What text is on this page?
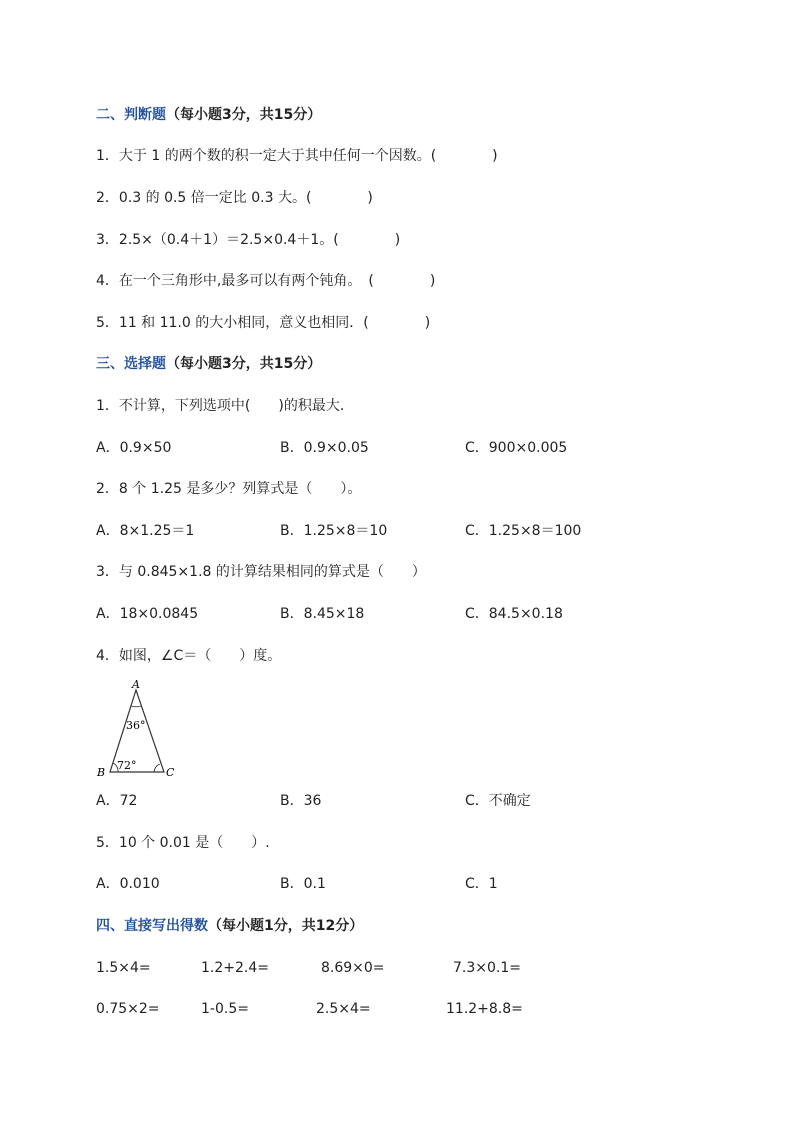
二、判断题（每小题3分，共15分）
1．大于 1 的两个数的积一定大于其中任何一个因数。(　　　　)
2．0.3 的 0.5 倍一定比 0.3 大。(　　　　)
3．2.5×（0.4＋1）＝2.5×0.4＋1。(　　　　)
4．在一个三角形中,最多可以有两个钝角。　(　　　　)
5．11 和 11.0 的大小相同，意义也相同．(　　　　)
三、选择题（每小题3分，共15分）
1．不计算，下列选项中(　　)的积最大．
A．0.9×50	B．0.9×0.05	C．900×0.005
2．8 个 1.25 是多少？列算式是（　　）。
A．8×1.25＝1	B．1.25×8＝10	C．1.25×8＝100
3．与 0.845×1.8 的计算结果相同的算式是（　　）
A．18×0.0845	B．8.45×18	C．84.5×0.18
4．如图，∠C＝（　　）度。
A
B	C
36°
72°
A．72	B．36	C．不确定
5．10 个 0.01 是（　　）.
A．0.010	B．0.1	C．1
四、直接写出得数（每小题1分，共12分）
1.5×4=	1.2+2.4=	8.69×0=	7.3×0.1=
0.75×2=	1-0.5=	2.5×4=	11.2+8.8=
